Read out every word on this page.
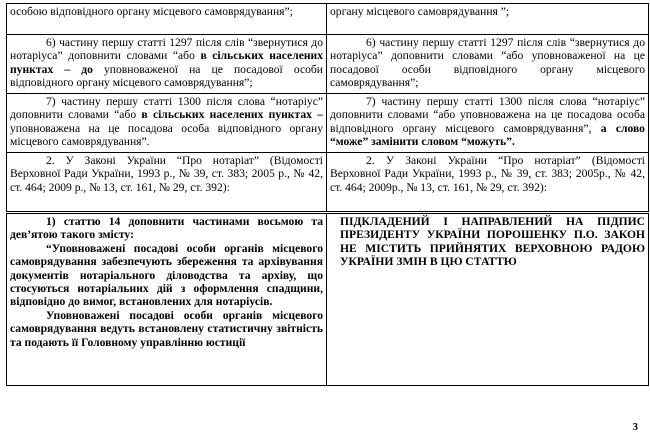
особою відповідного органу місцевого самоврядування”;	органу місцевого самоврядування ”;

6) частину першу статті 1297 після слів “звернутися до нотаріуса” доповнити словами “або в сільських населених пунктах – до уповноваженої на це посадової особи відповідного органу місцевого самоврядування”;	6) частину першу статті 1297 після слів “звернутися до нотаріуса” доповнити словами “або уповноваженої на це посадової особи відповідного органу місцевого самоврядування”;

7) частину першу статті 1300 після слова “нотаріус” доповнити словами “або в сільських населених пунктах – уповноважена на це посадова особа відповідного органу місцевого самоврядування”.	7) частину першу статті 1300 після слова “нотаріус” доповнити словами “або уповноважена на це посадова особа відповідного органу місцевого самоврядування”, а слово “може” замінити словом “можуть”.

2. У Законі України “Про нотаріат” (Відомості Верховної Ради України, 1993 р., № 39, ст. 383; 2005 р., № 42, ст. 464; 2009 р., № 13, ст. 161, № 29, ст. 392):	2. У Законі України “Про нотаріат” (Відомості Верховної Ради України, 1993 р., № 39, ст. 383; 2005р., № 42, ст. 464; 2009р., № 13, ст. 161, № 29, ст. 392):

1) статтю 14 доповнити частинами восьмою та дев’ятою такого змісту:

“Уповноважені посадові особи органів місцевого самоврядування забезпечують збереження та архівування документів нотаріального діловодства та архіву, що стосуються нотаріальних дій з оформлення спадщини, відповідно до вимог, встановлених для нотаріусів.

Уповноважені посадові особи органів місцевого самоврядування ведуть встановлену статистичну звітність та подають її Головному управлінню юстиції	ПІДКЛАДЕНИЙ І НАПРАВЛЕНИЙ НА ПІДПИС ПРЕЗИДЕНТУ УКРАЇНИ ПОРОШЕНКУ П.О. ЗАКОН НЕ МІСТИТЬ ПРИЙНЯТИХ ВЕРХОВНОЮ РАДОЮ УКРАЇНИ ЗМІН В ЦЮ СТАТТЮ

3
